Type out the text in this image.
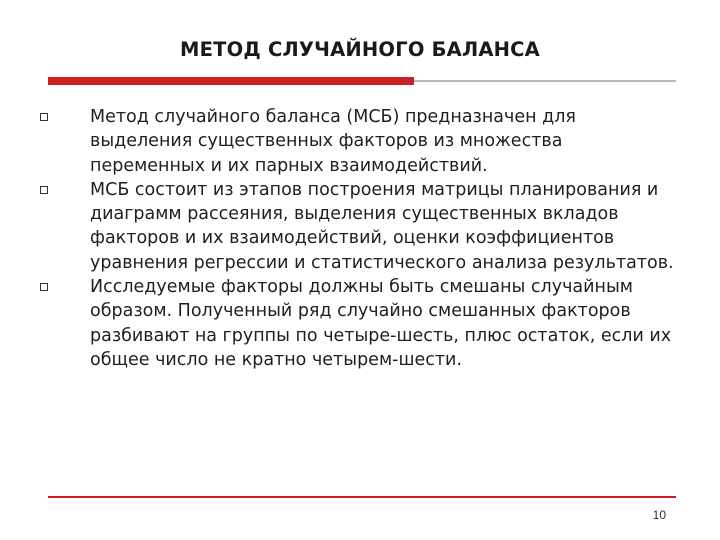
МЕТОД СЛУЧАЙНОГО БАЛАНСА
Метод случайного баланса (МСБ) предназначен для выделения существенных факторов из множества переменных и их парных взаимодействий.
МСБ состоит из этапов построения матрицы планирования и диаграмм рассеяния, выделения существенных вкладов факторов и их взаимодействий, оценки коэффициентов уравнения регрессии и статистического анализа результатов.
Исследуемые факторы должны быть смешаны случайным образом. Полученный ряд случайно смешанных факторов разбивают на группы по четыре-шесть, плюс остаток, если их общее число не кратно четырем-шести.
10
